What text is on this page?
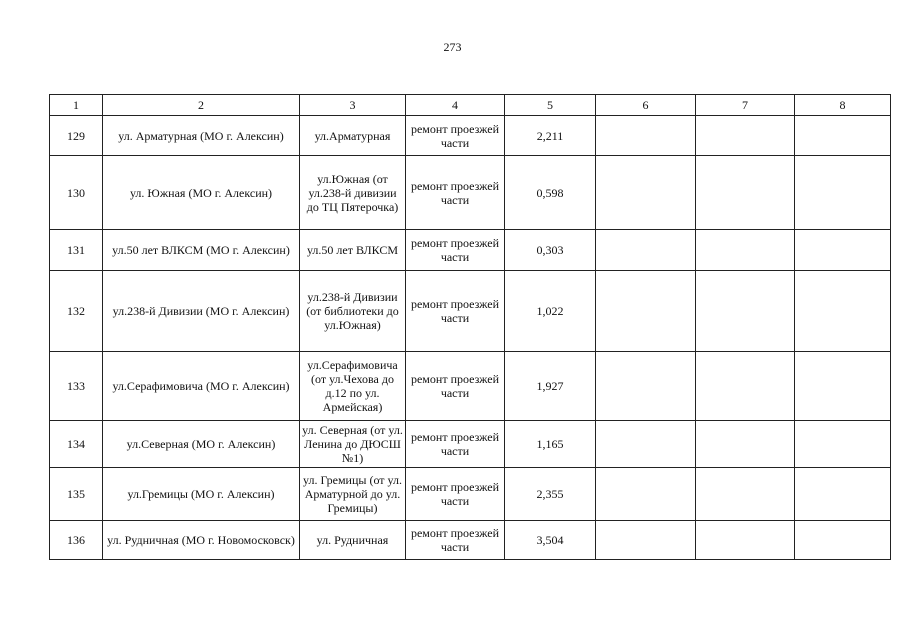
273
1	2	3	4	5	6	7	8
129	ул. Арматурная (МО г. Алексин)	ул.Арматурная	ремонт проезжей части	2,211			
130	ул. Южная (МО г. Алексин)	ул.Южная (от ул.238-й дивизии до ТЦ Пятерочка)	ремонт проезжей части	0,598			
131	ул.50 лет ВЛКСМ (МО г. Алексин)	ул.50 лет ВЛКСМ	ремонт проезжей части	0,303			
132	ул.238-й Дивизии (МО г. Алексин)	ул.238-й Дивизии (от библиотеки до ул.Южная)	ремонт проезжей части	1,022			
133	ул.Серафимовича (МО г. Алексин)	ул.Серафимовича (от ул.Чехова до д.12 по ул. Армейская)	ремонт проезжей части	1,927			
134	ул.Северная (МО г. Алексин)	ул. Северная (от ул. Ленина до ДЮСШ №1)	ремонт проезжей части	1,165			
135	ул.Гремицы (МО г. Алексин)	ул. Гремицы (от ул. Арматурной до ул. Гремицы)	ремонт проезжей части	2,355			
136	ул. Рудничная (МО г. Новомосковск)	ул. Рудничная	ремонт проезжей части	3,504			
